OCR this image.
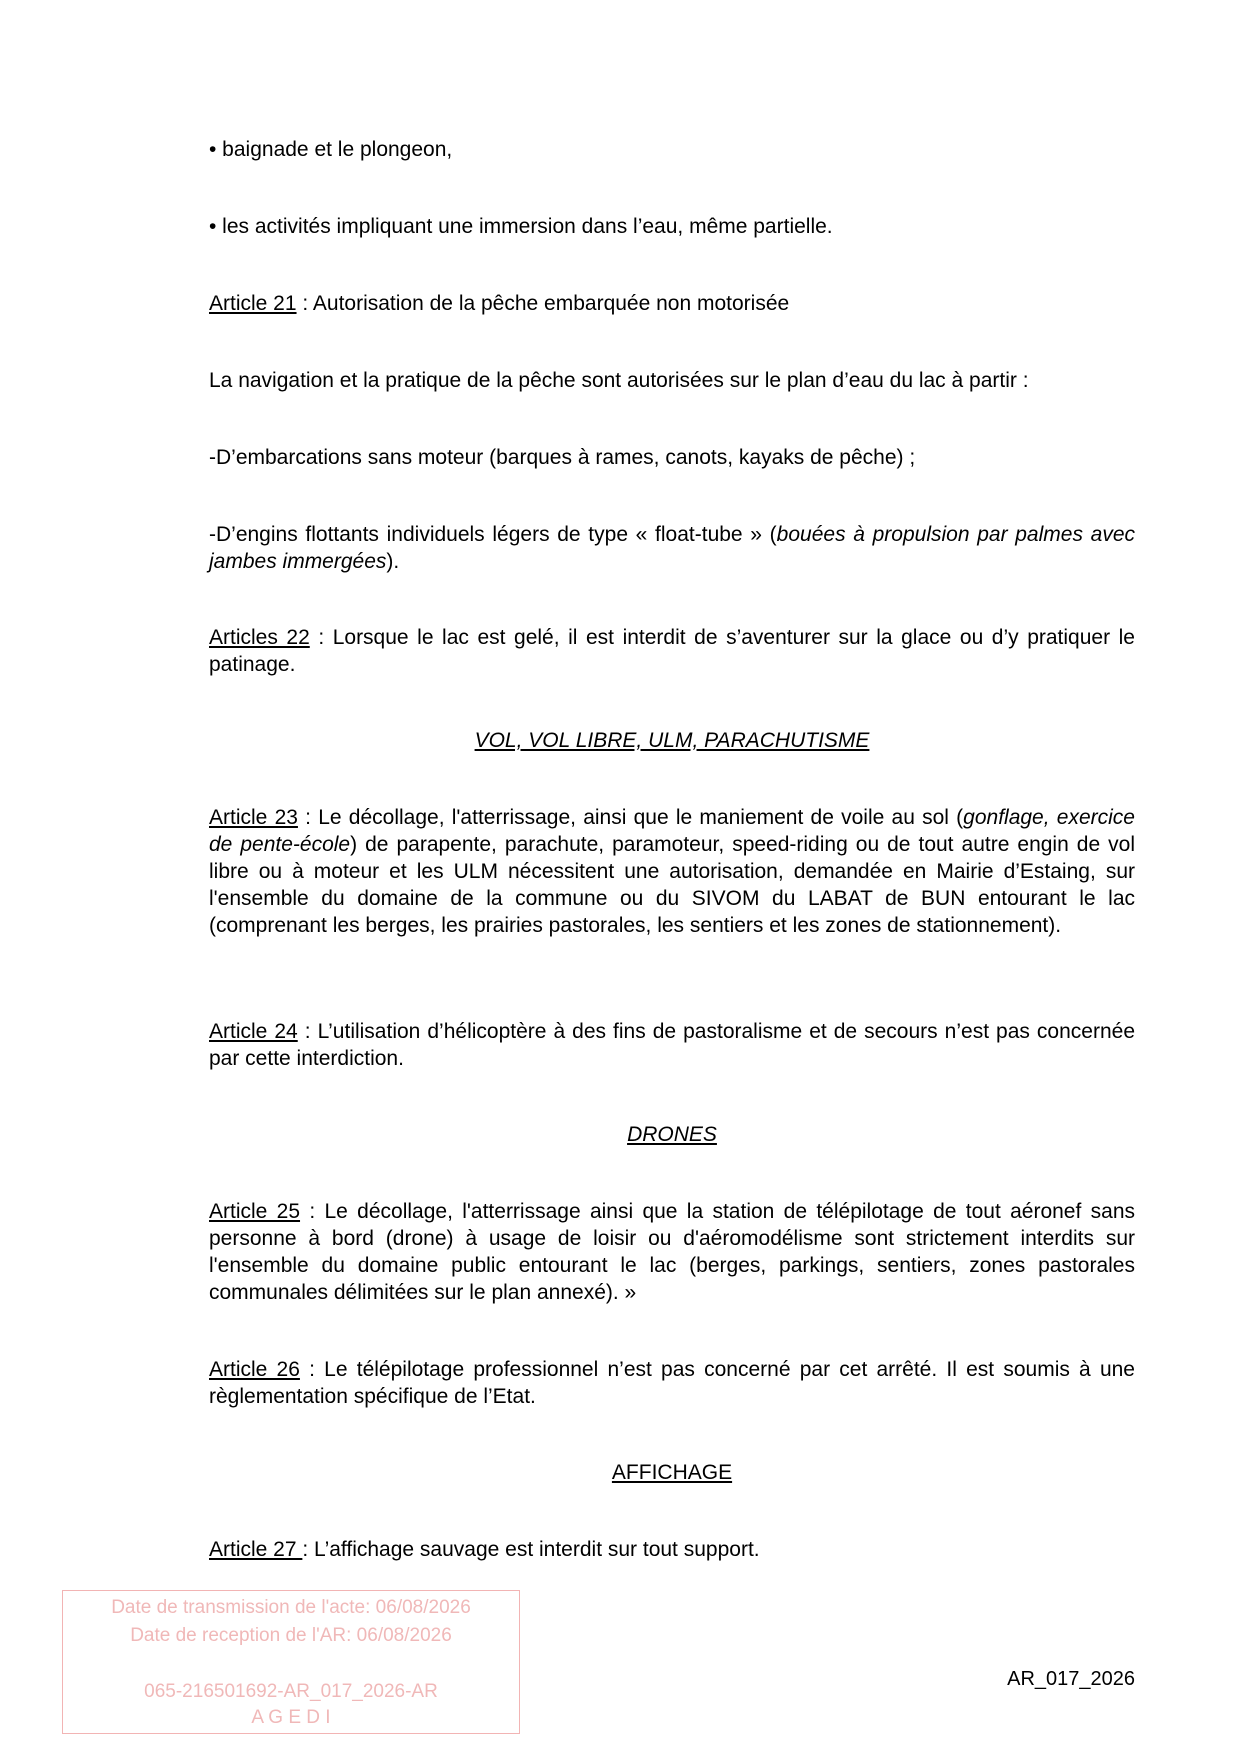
• baignade et le plongeon,

• les activités impliquant une immersion dans l’eau, même partielle.

Article 21 : Autorisation de la pêche embarquée non motorisée

La navigation et la pratique de la pêche sont autorisées sur le plan d’eau du lac à partir :

-D’embarcations sans moteur (barques à rames, canots, kayaks de pêche) ;

-D’engins flottants individuels légers de type « float-tube » (bouées à propulsion par palmes avec jambes immergées).

Articles 22 : Lorsque le lac est gelé, il est interdit de s’aventurer sur la glace ou d’y pratiquer le patinage.

VOL, VOL LIBRE, ULM, PARACHUTISME

Article 23 : Le décollage, l'atterrissage, ainsi que le maniement de voile au sol (gonflage, exercice de pente-école) de parapente, parachute, paramoteur, speed-riding ou de tout autre engin de vol libre ou à moteur et les ULM nécessitent une autorisation, demandée en Mairie d’Estaing, sur l'ensemble du domaine de la commune ou du SIVOM du LABAT de BUN entourant le lac (comprenant les berges, les prairies pastorales, les sentiers et les zones de stationnement).

Article 24 : L’utilisation d’hélicoptère à des fins de pastoralisme et de secours n’est pas concernée par cette interdiction.

DRONES

Article 25 : Le décollage, l'atterrissage ainsi que la station de télépilotage de tout aéronef sans personne à bord (drone) à usage de loisir ou d'aéromodélisme sont strictement interdits sur l'ensemble du domaine public entourant le lac (berges, parkings, sentiers, zones pastorales communales délimitées sur le plan annexé). »

Article 26 : Le télépilotage professionnel n’est pas concerné par cet arrêté. Il est soumis à une règlementation spécifique de l’Etat.

AFFICHAGE

Article 27 : L’affichage sauvage est interdit sur tout support.

Date de transmission de l'acte: 06/08/2026
Date de reception de l'AR: 06/08/2026
065-216501692-AR_017_2026-AR
A G E D I
AR_017_2026
